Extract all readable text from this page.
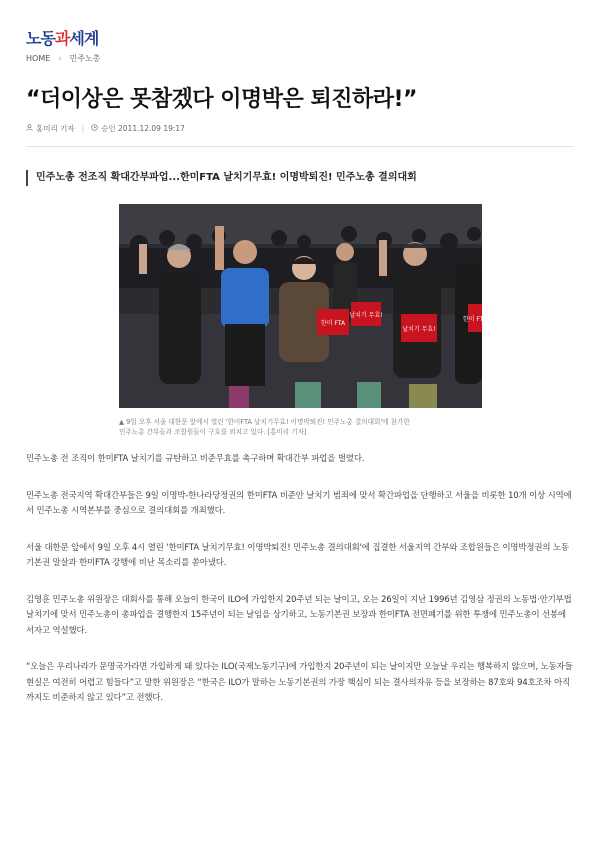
노동과세계
HOME › 민주노총
“더이상은 못참겠다 이명박은 퇴진하라!”
홍미리 기자 | 승인 2011.12.09 19:17
민주노총 전조직 확대간부파업...한미FTA 날치기무효! 이명박퇴진! 민주노총 결의대회
한미 FTA
날치기 무효!
한미 FTA
날치기 무효!
▲ 9일 오후 서울 대한문 앞에서 열린 '한미FTA 날치기무효! 이명박퇴진! 민주노총 결의대회'에 참가한
민주노총 간부들과 조합원들이 구호를 외치고 있다. [홍미리 기자]

민주노총 전 조직이 한미FTA 날치기를 규탄하고 비준무효를 촉구하며 확대간부 파업을 벌였다.

민주노총 전국지역 확대간부들은 9일 이명박-한나라당정권의 한미FTA 비준안 날치기 범죄에 맞서 확간파업을 단행하고 서울을 비롯한 10개 이상 시역에서 민주노총 시역본부를 중심으로 결의대회를 개최했다.

서울 대한문 앞에서 9일 오후 4시 열린 '한미FTA 날치기무효! 이명박퇴진! 민주노총 결의대회'에 집결한 서울지역 간부와 조합원들은 이명박정권의 노동기본권 말살과 한미FTA 강행에 비난 목소리를 쏟아냈다.

김영훈 민주노총 위원장은 대회사를 통해 오늘이 한국이 ILO에 가입한지 20주년 되는 날이고, 오는 26일이 지난 1996년 김영삼 정권의 노동법·안기부법 날치기에 맞서 민주노총이 총파업을 결행한지 15주년이 되는 날임을 상기하고, 노동기본권 보장과 한미FTA 전면폐기를 위한 투쟁에 민주노총이 선봉에 서자고 역설했다.

“오늘은 우리나라가 문명국가라면 가입하게 돼 있다는 ILO(국제노동기구)에 가입한지 20주년이 되는 날이지만 오늘날 우리는 행복하지 않으며, 노동자들 현실은 여전히 어렵고 힘들다”고 말한 위원장은 “한국은 ILO가 말하는 노동기본권의 가장 핵심이 되는 결사의자유 등을 보장하는 87호와 94호조차 아직까지도 비준하지 않고 있다”고 전했다.
